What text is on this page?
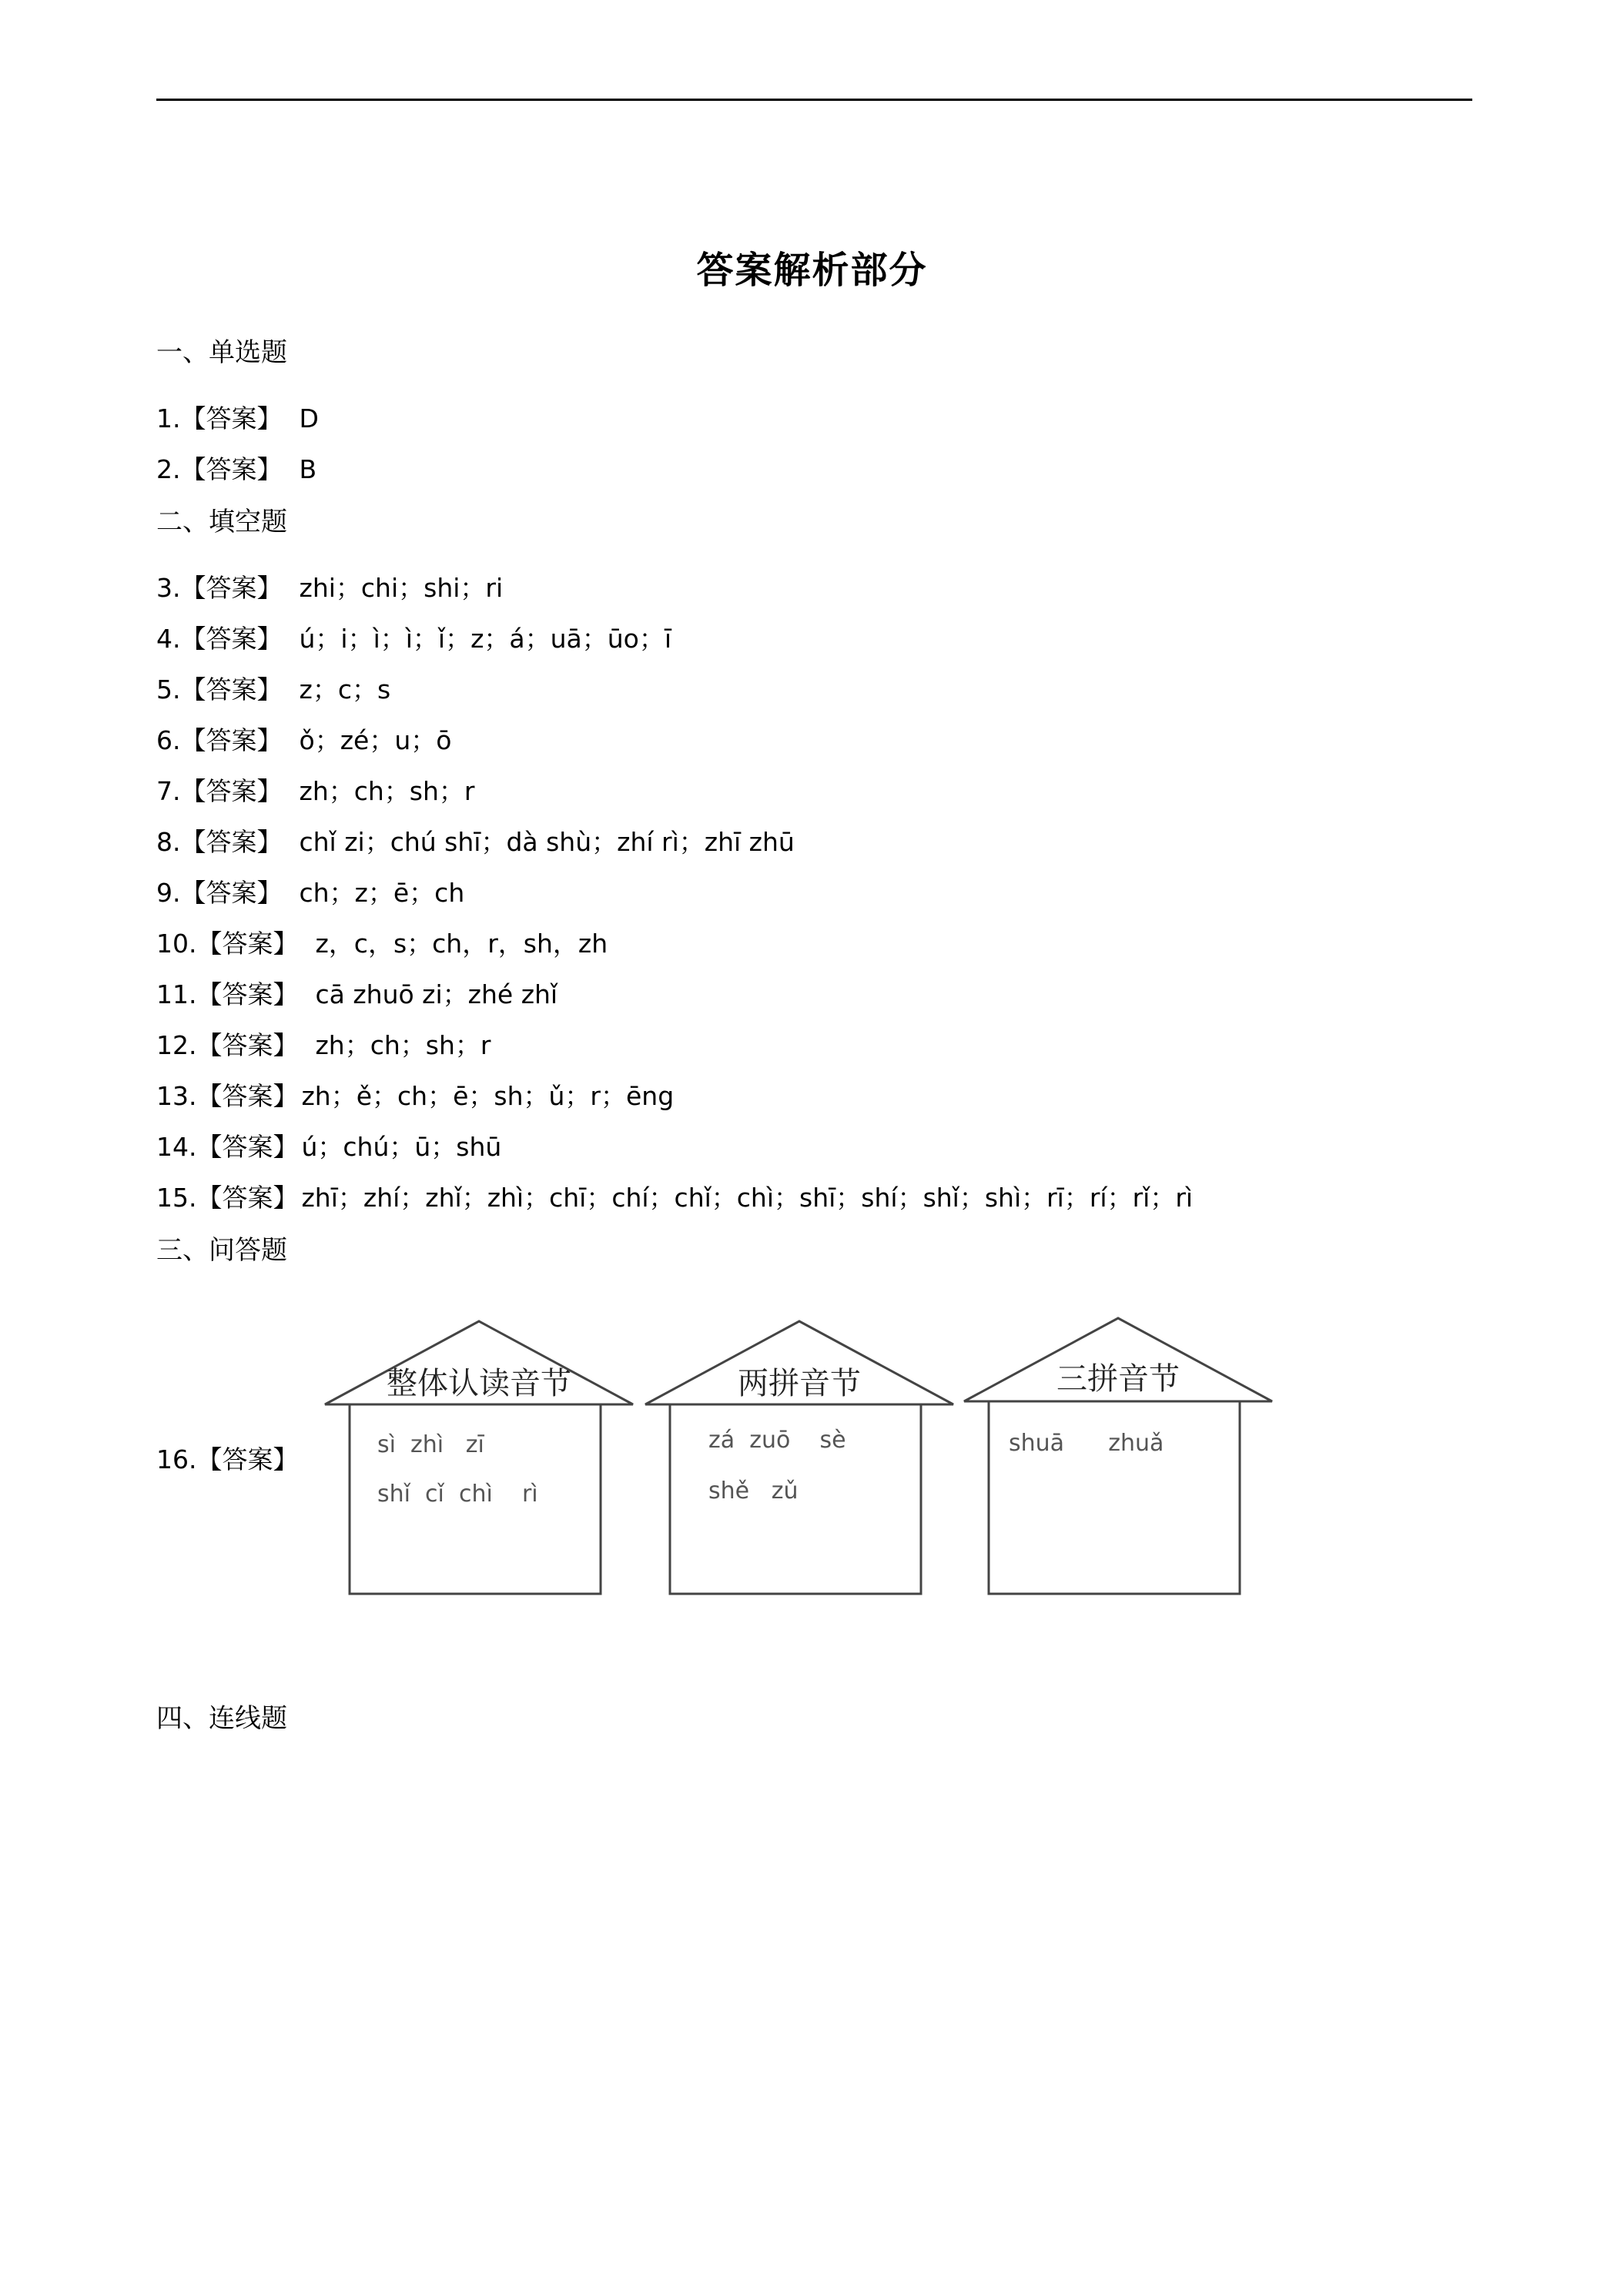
答案解析部分
一、单选题
1.【答案】 D
2.【答案】 B
二、填空题
3.【答案】 zhi；chi；shi；ri
4.【答案】 ú；i；ì；ì；ǐ；z；á；uā；ūo；ī
5.【答案】 z；c；s
6.【答案】 ǒ；zé；u；ō
7.【答案】 zh；ch；sh；r
8.【答案】 chǐ zi；chú shī；dà shù；zhí rì；zhī zhū
9.【答案】 ch；z；ē；ch
10.【答案】 z，c，s；ch，r，sh，zh
11.【答案】 cā zhuō zi；zhé zhǐ
12.【答案】 zh；ch；sh；r
13.【答案】 zh；ě；ch；ē；sh；ǔ；r；ēng
14.【答案】 ú；chú；ū；shū
15.【答案】 zhī；zhí；zhǐ；zhì；chī；chí；chǐ；chì；shī；shí；shǐ；shì；rī；rí；rǐ；rì
三、问答题
16.【答案】
整体认读音节
sì  zhì   zī
shǐ  cǐ  chì    rì
两拼音节
zá  zuō    sè
shě   zǔ
三拼音节
shuā      zhuǎ
四、连线题
